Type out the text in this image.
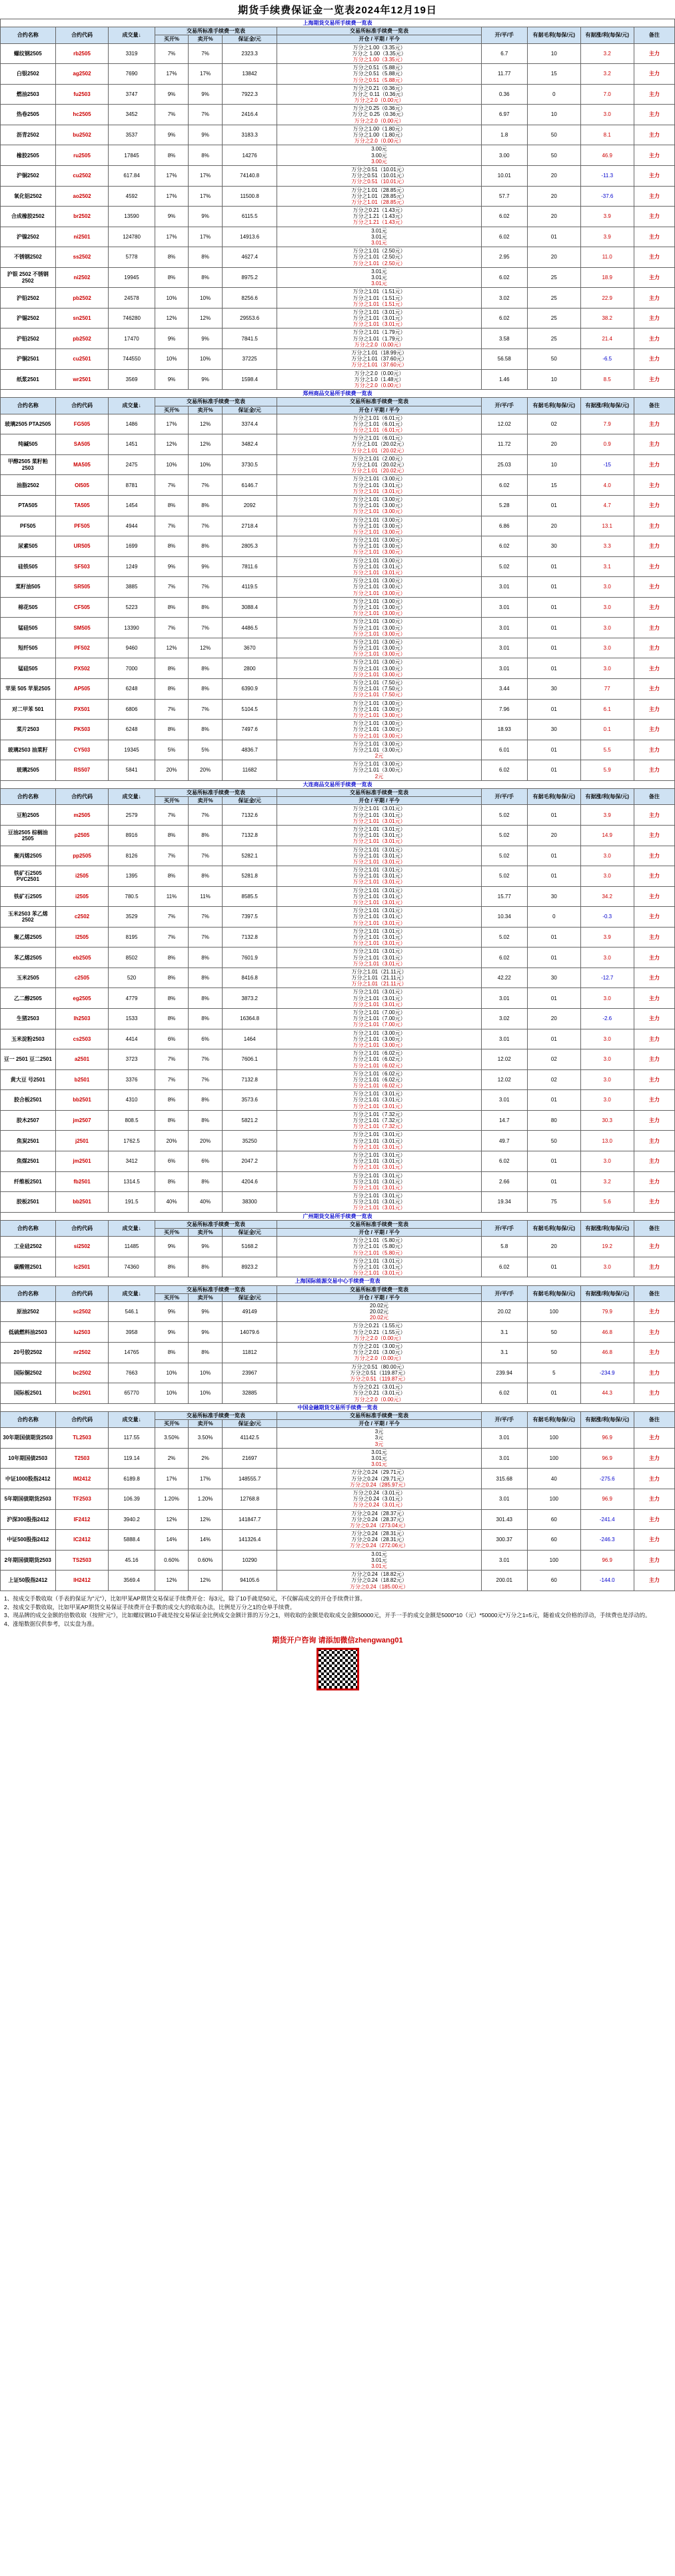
期货手续费保证金一览表2024年12月19日
上海期货交易所手续费一览表										
合约名称	合约代码	成交量↓	交易所标准手续费一览表			交易所标准手续费一览表	开/平/手	有据毛利(每保/元)	有据涨/利(每保/元)	备注
			买开%	卖开%	保证金/元	开仓 / 平期 / 平今				
螺纹钢2505	rb2505	3319	7%	7%	2323.3	万分之1.00（3.35元）
万分之 1.00（3.35元）
万分之1.00（3.35元）	6.7	10	3.2	主力
白银2502	ag2502	7690	17%	17%	13842	万分之0.51（5.88元）
万分之0.51（5.88元）
万分之0.51（5.88元）	11.77	15	3.2	主力
燃油2503	fu2503	3747	9%	9%	7922.3	万分之0.21（0.36元）
万分之 0.11（0.36元）
万分之2.0（0.00元）	0.36	0	7.0	主力
热卷2505	hc2505	3452	7%	7%	2416.4	万分之0.25（0.36元）
万分之 0.25（0.36元）
万分之2.0（0.00元）	6.97	10	3.0	主力
沥青2502	bu2502	3537	9%	9%	3183.3	万分之1.00（1.80元）
万分之1.00（1.80元）
万分之2.0（0.00元）	1.8	50	8.1	主力
橡胶2505	ru2505	17845	8%	8%	14276	3.00元
3.00元
3.00元	3.00	50	46.9	主力
沪铜2502	cu2502	617.84	17%	17%	74140.8	万分之0.51（10.01元）
万分之0.51（10.01元）
万分之0.51（10.01元）	10.01	20	-11.3	主力
氧化铝2502	ao2502	4592	17%	17%	11500.8	万分之1.01（28.85元）
万分之1.01（28.85元）
万分之1.01（28.85元）	57.7	20	-37.6	主力
合成橡胶2502	br2502	13590	9%	9%	6115.5	万分之0.21（1.43元）
万分之1.21（1.43元）
万分之1.21（1.43元）	6.02	20	3.9	主力
沪镍2502	ni2501	124780	17%	17%	14913.6	3.01元
3.01元
3.01元	6.02	01	3.9	主力
不锈钢2502	ss2502	5778	8%	8%	4627.4	万分之1.01（2.50元）
万分之1.01（2.50元）
万分之1.01（2.50元）	2.95	20	11.0	主力
沪银 2502 不锈钢2502	ni2502	19945	8%	8%	8975.2	3.01元
3.01元
3.01元	6.02	25	18.9	主力
沪铅2502	pb2502	24578	10%	10%	8256.6	万分之1.01（1.51元）
万分之1.01（1.51元）
万分之1.01（1.51元）	3.02	25	22.9	主力
沪锡2502	sn2501	746280	12%	12%	29553.6	万分之1.01（3.01元）
万分之1.01（3.01元）
万分之1.01（3.01元）	6.02	25	38.2	主力
沪铅2502	pb2502	17470	9%	9%	7841.5	万分之1.01（1.79元）
万分之1.01（1.79元）
万分之2.0（0.00元）	3.58	25	21.4	主力
沪铜2501	cu2501	744550	10%	10%	37225	万分之1.01（18.99元）
万分之1.01（37.60元）
万分之1.01（37.60元）	56.58	50	-6.5	主力
纸浆2501	wr2501	3569	9%	9%	1598.4	万分之2.0（0.00元）
万分之1.0（1.48元）
万分之2.0（0.00元）	1.46	10	8.5	主力
郑州商品交易所手续费一览表										
合约名称	合约代码	成交量↓	交易所标准手续费一览表			交易所标准手续费一览表	开/平/手	有据毛利(每保/元)	有据涨/利(每保/元)	备注
			买开%	卖开%	保证金/元	开仓 / 平期 / 平今				
玻璃2505 PTA2505	FG505	1486	17%	12%	3374.4	万分之1.01（6.01元）
万分之1.01（6.01元）
万分之1.01（6.01元）	12.02	02	7.9	主力
纯碱505	SA505	1451	12%	12%	3482.4	万分之1.01（6.01元）
万分之1.01（20.02元）
万分之1.01（20.02元）	11.72	20	0.9	主力
甲醇2505 菜籽粕2503	MA505	2475	10%	10%	3730.5	万分之1.01（2.00元）
万分之1.01（20.02元）
万分之1.01（20.02元）	25.03	10	-15	主力
油脂2502	OI505	8781	7%	7%	6146.7	万分之1.01（3.00元）
万分之1.01（3.01元）
万分之1.01（3.01元）	6.02	15	4.0	主力
PTA505	TA505	1454	8%	8%	2092	万分之1.01（3.00元）
万分之1.01（3.00元）
万分之1.01（3.00元）	5.28	01	4.7	主力
PF505	PF505	4944	7%	7%	2718.4	万分之1.01（3.00元）
万分之1.01（3.00元）
万分之1.01（3.00元）	6.86	20	13.1	主力
尿素505	UR505	1699	8%	8%	2805.3	万分之1.01（3.00元）
万分之1.01（3.00元）
万分之1.01（3.00元）	6.02	30	3.3	主力
硅铁505	SF503	1249	9%	9%	7811.6	万分之1.01（3.00元）
万分之1.01（3.01元）
万分之1.01（3.01元）	5.02	01	3.1	主力
菜籽油505	SR505	3885	7%	7%	4119.5	万分之1.01（3.00元）
万分之1.01（3.00元）
万分之1.01（3.00元）	3.01	01	3.0	主力
棉花505	CF505	5223	8%	8%	3088.4	万分之1.01（3.00元）
万分之1.01（3.00元）
万分之1.01（3.00元）	3.01	01	3.0	主力
锰硅505	SM505	13390	7%	7%	4486.5	万分之1.01（3.00元）
万分之1.01（3.00元）
万分之1.01（3.00元）	3.01	01	3.0	主力
短纤505	PF502	9460	12%	12%	3670	万分之1.01（3.00元）
万分之1.01（3.00元）
万分之1.01（3.00元）	3.01	01	3.0	主力
锰硅505	PX502	7000	8%	8%	2800	万分之1.01（3.00元）
万分之1.01（3.00元）
万分之1.01（3.00元）	3.01	01	3.0	主力
苹果 505 苹果2505	AP505	6248	8%	8%	6390.9	万分之1.01（7.50元）
万分之1.01（7.50元）
万分之1.01（7.50元）	3.44	30	77	主力
对二甲苯 501	PX501	6806	7%	7%	5104.5	万分之1.01（3.00元）
万分之1.01（3.00元）
万分之1.01（3.00元）	7.96	01	6.1	主力
菜片2503	PK503	6248	8%	8%	7497.6	万分之1.01（3.00元）
万分之1.01（3.00元）
万分之1.01（3.00元）	18.93	30	0.1	主力
玻璃2503 油菜籽	CY503	19345	5%	5%	4836.7	万分之1.01（3.00元）
万分之1.01（3.00元）
2元	6.01	01	5.5	主力
玻璃2505	RS507	5841	20%	20%	11682	万分之1.01（3.00元）
万分之1.01（3.00元）
2元	6.02	01	5.9	主力
大连商品交易所手续费一览表										
合约名称	合约代码	成交量↓	交易所标准手续费一览表			交易所标准手续费一览表	开/平/手	有据毛利(每保/元)	有据涨/利(每保/元)	备注
			买开%	卖开%	保证金/元	开仓 / 平期 / 平今				
豆粕2505	m2505	2579	7%	7%	7132.6	万分之1.01（3.01元）
万分之1.01（3.01元）
万分之1.01（3.01元）	5.02	01	3.9	主力
豆油2505 棕榈油2505	p2505	8916	8%	8%	7132.8	万分之1.01（3.01元）
万分之1.01（3.01元）
万分之1.01（3.01元）	5.02	20	14.9	主力
聚丙烯2505	pp2505	8126	7%	7%	5282.1	万分之1.01（3.01元）
万分之1.01（3.01元）
万分之1.01（3.01元）	5.02	01	3.0	主力
铁矿石2505 PVC2501	i2505	1395	8%	8%	5281.8	万分之1.01（3.01元）
万分之1.01（3.01元）
万分之1.01（3.01元）	5.02	01	3.0	主力
铁矿石2505	i2505	780.5	11%	11%	8585.5	万分之1.01（3.01元）
万分之1.01（3.01元）
万分之1.01（3.01元）	15.77	30	34.2	主力
玉米2503 苯乙烯2502	c2502	3529	7%	7%	7397.5	万分之1.01（3.01元）
万分之1.01（3.01元）
万分之1.01（3.01元）	10.34	0	-0.3	主力
聚乙烯2505	l2505	8195	7%	7%	7132.8	万分之1.01（3.01元）
万分之1.01（3.01元）
万分之1.01（3.01元）	5.02	01	3.9	主力
苯乙烯2505	eb2505	8502	8%	8%	7601.9	万分之1.01（3.01元）
万分之1.01（3.01元）
万分之1.01（3.01元）	6.02	01	3.0	主力
玉米2505	c2505	520	8%	8%	8416.8	万分之1.01（21.11元）
万分之1.01（21.11元）
万分之1.01（21.11元）	42.22	30	-12.7	主力
乙二醇2505	eg2505	4779	8%	8%	3873.2	万分之1.01（3.01元）
万分之1.01（3.01元）
万分之1.01（3.01元）	3.01	01	3.0	主力
生猪2503	lh2503	1533	8%	8%	16364.8	万分之1.01（7.00元）
万分之1.01（7.00元）
万分之1.01（7.00元）	3.02	20	-2.6	主力
玉米淀粉2503	cs2503	4414	6%	6%	1464	万分之1.01（3.00元）
万分之1.01（3.00元）
万分之1.01（3.00元）	3.01	01	3.0	主力
豆一 2501 豆二2501	a2501	3723	7%	7%	7606.1	万分之1.01（6.02元）
万分之1.01（6.02元）
万分之1.01（6.02元）	12.02	02	3.0	主力
黄大豆 号2501	b2501	3376	7%	7%	7132.8	万分之1.01（6.02元）
万分之1.01（6.02元）
万分之1.01（6.02元）	12.02	02	3.0	主力
胶合板2501	bb2501	4310	8%	8%	3573.6	万分之1.01（3.01元）
万分之1.01（3.01元）
万分之1.01（3.01元）	3.01	01	3.0	主力
胶木2507	jm2507	808.5	8%	8%	5821.2	万分之1.01（7.32元）
万分之1.01（7.32元）
万分之1.01（7.32元）	14.7	80	30.3	主力
焦炭2501	j2501	1762.5	20%	20%	35250	万分之1.01（3.01元）
万分之1.01（3.01元）
万分之1.01（3.01元）	49.7	50	13.0	主力
焦煤2501	jm2501	3412	6%	6%	2047.2	万分之1.01（3.01元）
万分之1.01（3.01元）
万分之1.01（3.01元）	6.02	01	3.0	主力
纤维板2501	fb2501	1314.5	8%	8%	4204.6	万分之1.01（3.01元）
万分之1.01（3.01元）
万分之1.01（3.01元）	2.66	01	3.2	主力
胶板2501	bb2501	191.5	40%	40%	38300	万分之1.01（3.01元）
万分之1.01（3.01元）
万分之1.01（3.01元）	19.34	75	5.6	主力
广州期货交易所手续费一览表										
合约名称	合约代码	成交量↓	交易所标准手续费一览表			交易所标准手续费一览表	开/平/手	有据毛利(每保/元)	有据涨/利(每保/元)	备注
			买开%	卖开%	保证金/元	开仓 / 平期 / 平今				
工业硅2502	si2502	11485	9%	9%	5168.2	万分之1.01（5.80元）
万分之1.01（5.80元）
万分之1.01（5.80元）	5.8	20	19.2	主力
碳酸锂2501	lc2501	74360	8%	8%	8923.2	万分之1.01（3.01元）
万分之1.01（3.01元）
万分之1.01（3.01元）	6.02	01	3.0	主力
上海国际能源交易中心手续费一览表										
合约名称	合约代码	成交量↓	交易所标准手续费一览表			交易所标准手续费一览表	开/平/手	有据毛利(每保/元)	有据涨/利(每保/元)	备注
			买开%	卖开%	保证金/元	开仓 / 平期 / 平今				
原油2502	sc2502	546.1	9%	9%	49149	20.02元
20.02元
20.02元	20.02	100	79.9	主力
低硫燃料油2503	lu2503	3958	9%	9%	14079.6	万分之0.21（1.55元）
万分之0.21（1.55元）
万分之2.0（0.00元）	3.1	50	46.8	主力
20号胶2502	nr2502	14765	8%	8%	11812	万分之2.01（3.00元）
万分之2.01（3.00元）
万分之2.0（0.00元）	3.1	50	46.8	主力
国际铜2502	bc2502	7663	10%	10%	23967	万分之0.51（80.00元）
万分之0.51（119.87元）
万分之0.51（119.87元）	239.94	5	-234.9	主力
国际板2501	bc2501	65770	10%	10%	32885	万分之0.21（3.01元）
万分之0.21（3.01元）
万分之2.0（0.00元）	6.02	01	44.3	主力
中国金融期货交易所手续费一览表										
合约名称	合约代码	成交量↓	交易所标准手续费一览表			交易所标准手续费一览表	开/平/手	有据毛利(每保/元)	有据涨/利(每保/元)	备注
			买开%	卖开%	保证金/元	开仓 / 平期 / 平今				
30年期国债期货2503	TL2503	117.55	3.50%	3.50%	41142.5	3元
3元
3元	3.01	100	96.9	主力
10年期国债2503	T2503	119.14	2%	2%	21697	3.01元
3.01元
3.01元	3.01	100	96.9	主力
中证1000股指2412	IM2412	6189.8	17%	17%	148555.7	万分之0.24（29.71元）
万分之0.24（29.71元）
万分之0.24（285.97元）	315.68	40	-275.6	主力
5年期国债期货2503	TF2503	106.39	1.20%	1.20%	12768.8	万分之0.24（3.01元）
万分之0.24（3.01元）
万分之0.24（3.01元）	3.01	100	96.9	主力
沪深300股指2412	IF2412	3940.2	12%	12%	141847.7	万分之0.24（28.37元）
万分之0.24（28.37元）
万分之0.24（273.04元）	301.43	60	-241.4	主力
中证500股指2412	IC2412	5888.4	14%	14%	141326.4	万分之0.24（28.31元）
万分之0.24（28.31元）
万分之0.24（272.06元）	300.37	60	-246.3	主力
2年期国债期货2503	TS2503	45.16	0.60%	0.60%	10290	3.01元
3.01元
3.01元	3.01	100	96.9	主力
上证50股指2412	IH2412	3569.4	12%	12%	94105.6	万分之0.24（18.82元）
万分之0.24（18.82元）
万分之0.24（185.00元）	200.01	60	-144.0	主力
1、按成交手数收取（手表的保证为"元"），比如甲某AP期货交易保证手续费开仓：每3元，除了10手疏是50元，不仅解高成交的开仓手续费计算。
2、按成交手数收取，比如甲某AP期货交易保证手续费开仓手数的成交大的收取办法，比例是万分之1的仓单手续费。
3、现品牌的成交金额的倍数收取（按照"元"），比如螺纹钢10手疏是按交易保证金比例成交金额计算的万分之1，则收取的金额是收取成交金额50000元，开手一手的成交金额是5000*10（元）*50000元*万分之1=5元，随着成交价格的浮动，手续费也是浮动的。
4、涨缩数据仅供参考，以实盘为准。
期货开户咨询 请添加微信zhengwang01
